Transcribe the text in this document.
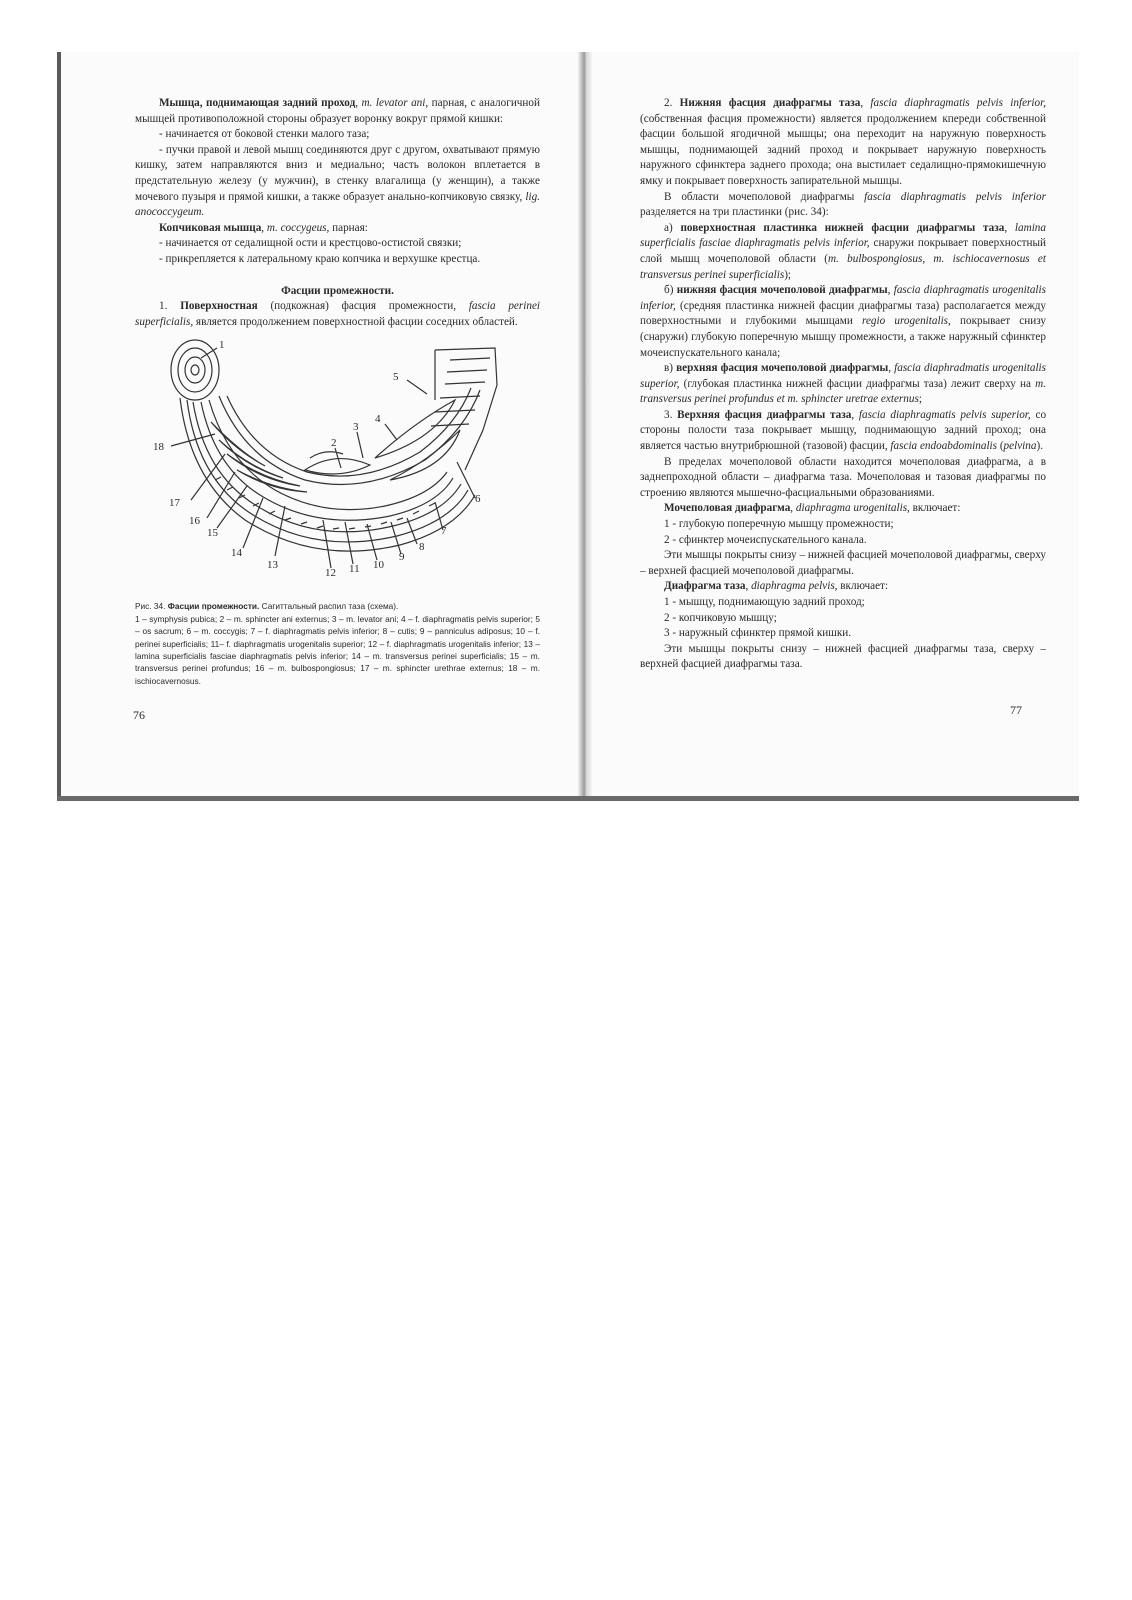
Мышца, поднимающая задний проход, m. levator ani, парная, с аналогичной мышцей противоположной стороны образует воронку вокруг прямой кишки:

- начинается от боковой стенки малого таза;

- пучки правой и левой мышц соединяются друг с другом, охватывают прямую кишку, затем направляются вниз и медиально; часть волокон вплетается в предстательную железу (у мужчин), в стенку влагалища (у женщин), а также мочевого пузыря и прямой кишки, а также образует анально-копчиковую связку, lig. anococcygeum.

Копчиковая мышца, m. coccygeus, парная:

- начинается от седалищной ости и крестцово-остистой связки;

- прикрепляется к латеральному краю копчика и верхушке крестца.

Фасции промежности.

1. Поверхностная (подкожная) фасция промежности, fascia perinei superficialis, является продолжением поверхностной фасции соседних областей.

1
2
3
4
5
6
7
8
9
10
11
12
13
14
15
16
17
18

Рис. 34. Фасции промежности. Сагиттальный распил таза (схема).
1 – symphysis pubica; 2 – m. sphincter ani externus; 3 – m. levator ani; 4 – f. diaphragmatis pelvis superior; 5 – os sacrum; 6 – m. coccygis; 7 – f. diaphragmatis pelvis inferior; 8 – cutis; 9 – panniculus adiposus; 10 – f. perinei superficialis; 11– f. diaphragmatis urogenitalis superior; 12 – f. diaphragmatis urogenitalis inferior; 13 – lamina superficialis fasciae diaphragmatis pelvis inferior; 14 – m. transversus perinei superficialis; 15 – m. transversus perinei profundus; 16 – m. bulbospongiosus; 17 – m. sphincter urethrae externus; 18 – m. ischiocavernosus.

76

2. Нижняя фасция диафрагмы таза, fascia diaphragmatis pelvis inferior, (собственная фасция промежности) является продолжением кпереди собственной фасции большой ягодичной мышцы; она переходит на наружную поверхность мышцы, поднимающей задний проход и покрывает наружную поверхность наружного сфинктера заднего прохода; она выстилает седалищно-прямокишечную ямку и покрывает поверхность запирательной мышцы.

В области мочеполовой диафрагмы fascia diaphragmatis pelvis inferior разделяется на три пластинки (рис. 34):

а) поверхностная пластинка нижней фасции диафрагмы таза, lamina superficialis fasciae diaphragmatis pelvis inferior, снаружи покрывает поверхностный слой мышц мочеполовой области (m. bulbospongiosus, m. ischiocavernosus et transversus perinei superficialis);

б) нижняя фасция мочеполовой диафрагмы, fascia diaphragmatis urogenitalis inferior, (средняя пластинка нижней фасции диафрагмы таза) располагается между поверхностными и глубокими мышцами regio urogenitalis, покрывает снизу (снаружи) глубокую поперечную мышцу промежности, а также наружный сфинктер мочеиспускательного канала;

в) верхняя фасция мочеполовой диафрагмы, fascia diaphradmatis urogenitalis superior, (глубокая пластинка нижней фасции диафрагмы таза) лежит сверху на m. transversus perinei profundus et m. sphincter uretrae externus;

3. Верхняя фасция диафрагмы таза, fascia diaphragmatis pelvis superior, со стороны полости таза покрывает мышцу, поднимающую задний проход; она является частью внутрибрюшной (тазовой) фасции, fascia endoabdominalis (pelvina).

В пределах мочеполовой области находится мочеполовая диафрагма, а в заднепроходной области – диафрагма таза. Мочеполовая и тазовая диафрагмы по строению являются мышечно-фасциальными образованиями.

Мочеполовая диафрагма, diaphragma urogenitalis, включает:

1 - глубокую поперечную мышцу промежности;

2 - сфинктер мочеиспускательного канала.

Эти мышцы покрыты снизу – нижней фасцией мочеполовой диафрагмы, сверху – верхней фасцией мочеполовой диафрагмы.

Диафрагма таза, diaphragma pelvis, включает:

1 - мышцу, поднимающую задний проход;

2 - копчиковую мышцу;

3 - наружный сфинктер прямой кишки.

Эти мышцы покрыты снизу – нижней фасцией диафрагмы таза, сверху – верхней фасцией диафрагмы таза.

77
